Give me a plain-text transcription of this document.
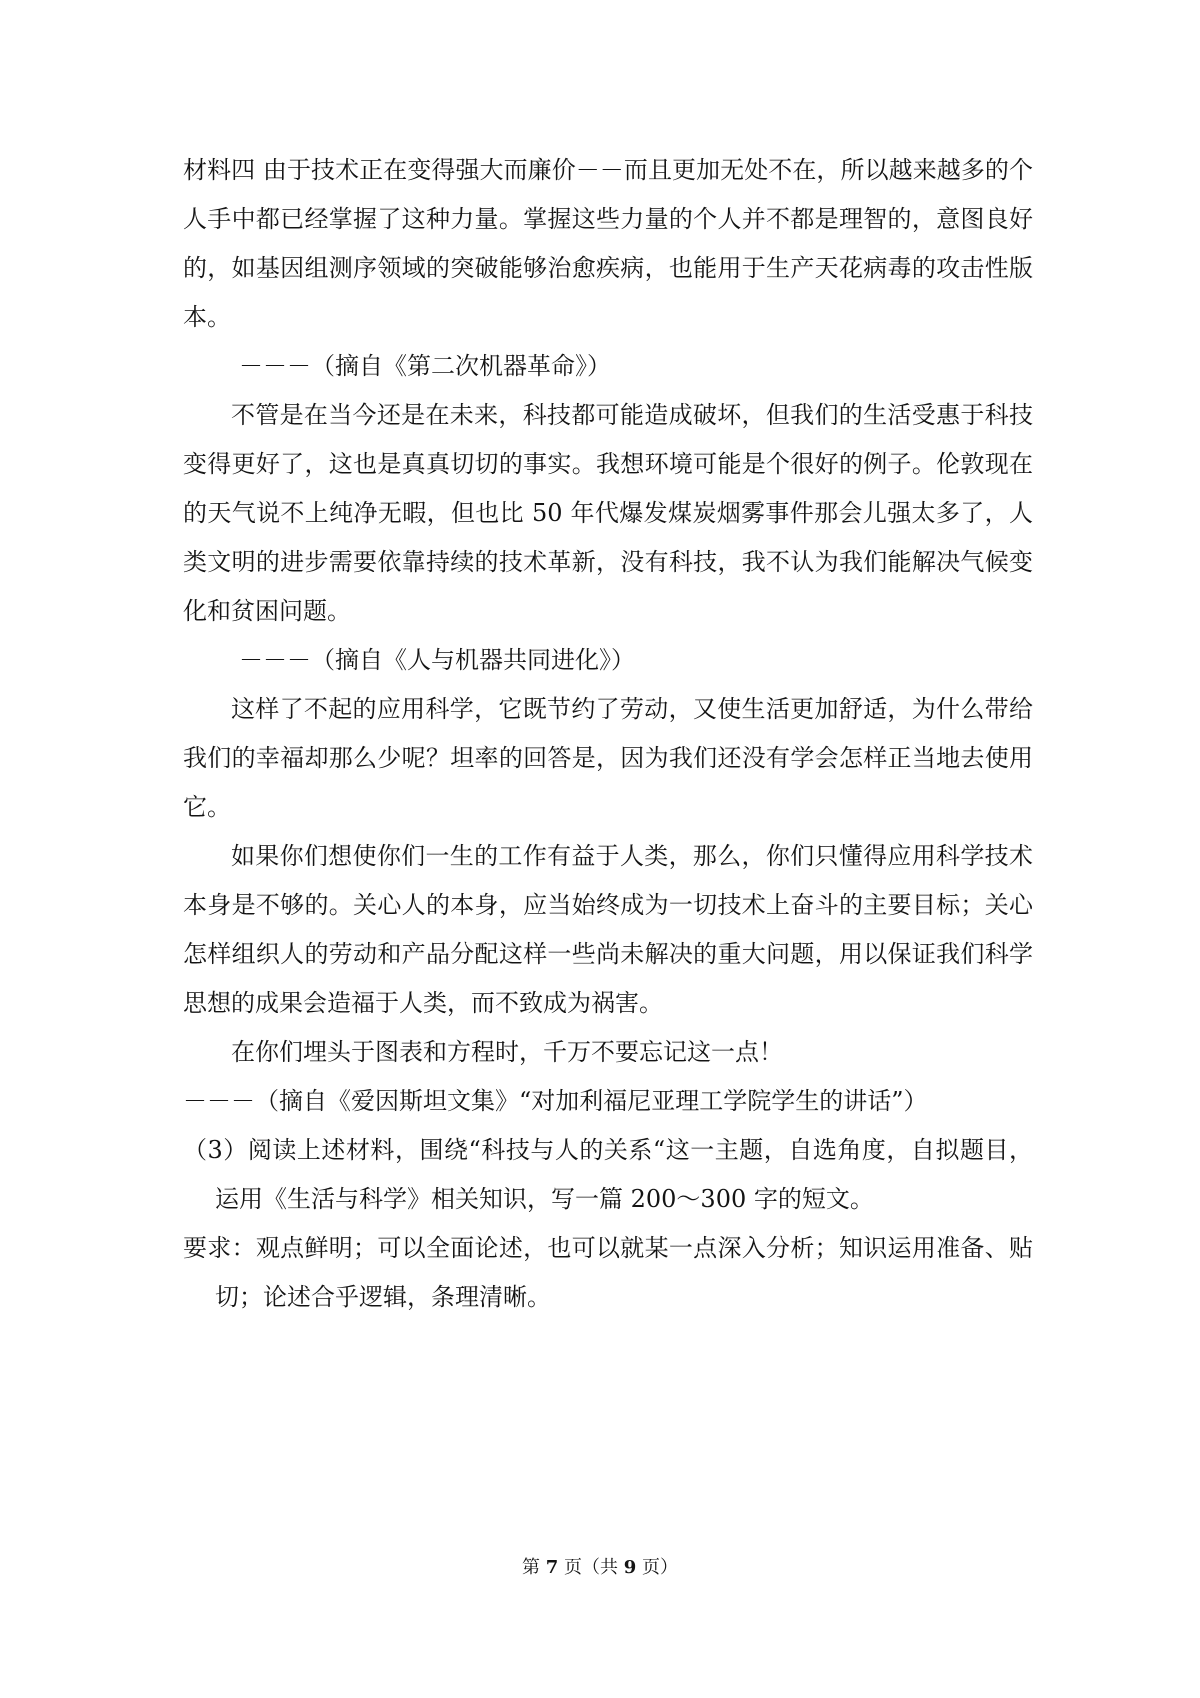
材料四 由于技术正在变得强大而廉价－－而且更加无处不在，所以越来越多的个人手中都已经掌握了这种力量。掌握这些力量的个人并不都是理智的，意图良好的，如基因组测序领域的突破能够治愈疾病，也能用于生产天花病毒的攻击性版本。

－－－（摘自《第二次机器革命》）

不管是在当今还是在未来，科技都可能造成破坏，但我们的生活受惠于科技变得更好了，这也是真真切切的事实。我想环境可能是个很好的例子。伦敦现在的天气说不上纯净无暇，但也比 50 年代爆发煤炭烟雾事件那会儿强太多了，人类文明的进步需要依靠持续的技术革新，没有科技，我不认为我们能解决气候变化和贫困问题。

－－－（摘自《人与机器共同进化》）

这样了不起的应用科学，它既节约了劳动，又使生活更加舒适，为什么带给我们的幸福却那么少呢？坦率的回答是，因为我们还没有学会怎样正当地去使用它。

如果你们想使你们一生的工作有益于人类，那么，你们只懂得应用科学技术本身是不够的。关心人的本身，应当始终成为一切技术上奋斗的主要目标；关心怎样组织人的劳动和产品分配这样一些尚未解决的重大问题，用以保证我们科学思想的成果会造福于人类，而不致成为祸害。

在你们埋头于图表和方程时，千万不要忘记这一点！

－－－（摘自《爱因斯坦文集》“对加利福尼亚理工学院学生的讲话”）

（3）阅读上述材料，围绕“科技与人的关系“这一主题，自选角度，自拟题目，运用《生活与科学》相关知识，写一篇 200～300 字的短文。

要求：观点鲜明；可以全面论述，也可以就某一点深入分析；知识运用准备、贴切；论述合乎逻辑，条理清晰。

第 7 页（共 9 页）
